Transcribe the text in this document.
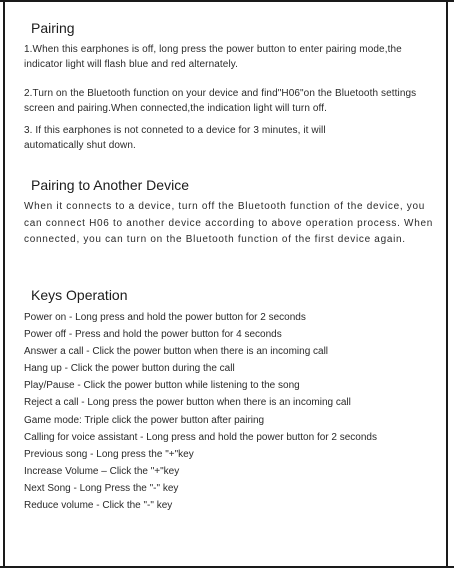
Pairing

1.When this earphones is off, long press the power button to enter pairing mode,the indicator light will flash blue and red alternately.

2.Turn on the Bluetooth function on your device and find"H06"on the Bluetooth settings screen and pairing.When connected,the indication light will turn off.

3. If this earphones is not conneted to a device for 3 minutes, it will automatically shut down.

Pairing to Another Device

When it connects to a device, turn off the Bluetooth function of the device, you can connect H06 to another device according to above operation process. When connected, you can turn on the Bluetooth function of the first device again.

Keys Operation
Power on - Long press and hold the power button for 2 seconds
Power off - Press and hold the power button for 4 seconds
Answer a call - Click the power button when there is an incoming call
Hang up - Click the power button during the call
Play/Pause - Click the power button while listening to the song
Reject a call - Long press the power button when there is an incoming call
Game mode: Triple click the power button after pairing
Calling for voice assistant - Long press and hold the power button for 2 seconds
Previous song - Long press the "+"key
Increase Volume – Click the "+"key
Next Song - Long Press the "-" key
Reduce volume - Click the "-" key
